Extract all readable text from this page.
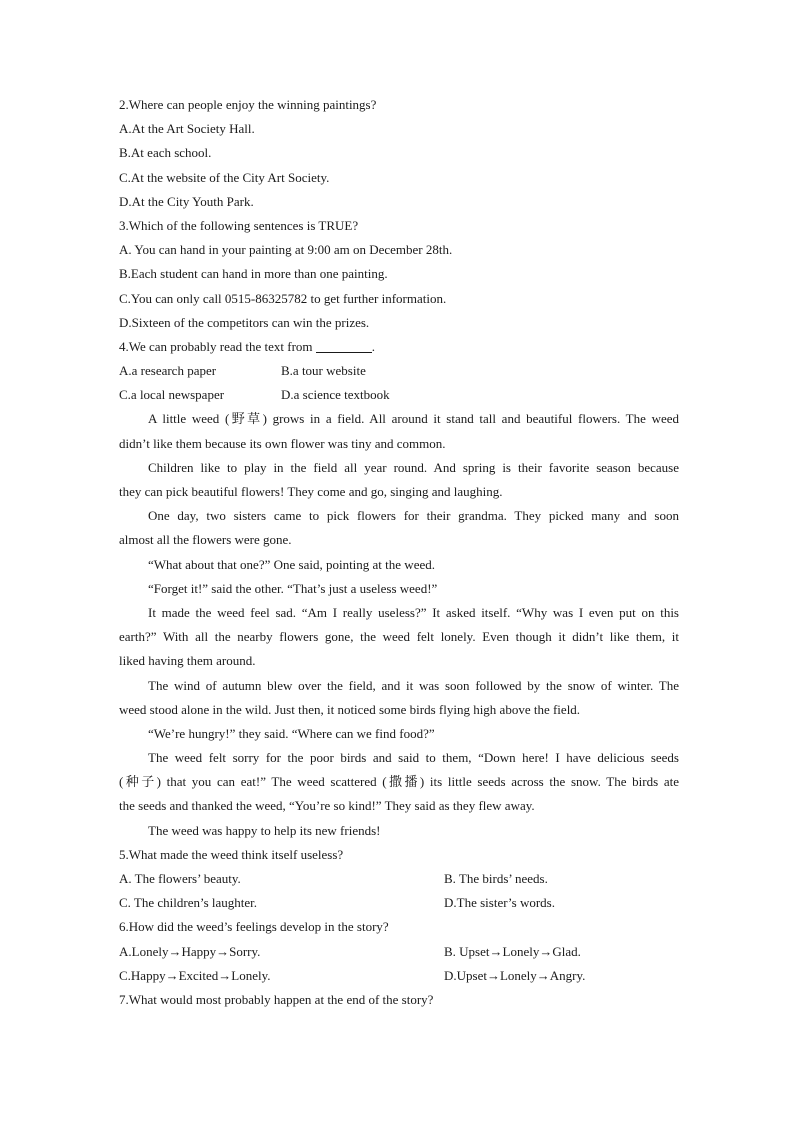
2.Where can people enjoy the winning paintings?
A.At the Art Society Hall.
B.At each school.
C.At the website of the City Art Society.
D.At the City Youth Park.
3.Which of the following sentences is TRUE?
A. You can hand in your painting at 9:00 am on December 28th.
B.Each student can hand in more than one painting.
C.You can only call 0515-86325782 to get further information.
D.Sixteen of the competitors can win the prizes.
4.We can probably read the text from	.
A.a research paper	B.a tour website
C.a local newspaper	D.a science textbook
A little weed (野草) grows in a field. All around it stand tall and beautiful flowers. The weed
didn’t like them because its own flower was tiny and common.
Children like to play in the field all year round. And spring is their favorite season because
they can pick beautiful flowers! They come and go, singing and laughing.
One day, two sisters came to pick flowers for their grandma. They picked many and soon
almost all the flowers were gone.
“What about that one?” One said, pointing at the weed.
“Forget it!” said the other. “That’s just a useless weed!”
It made the weed feel sad. “Am I really useless?” It asked itself. “Why was I even put on this
earth?” With all the nearby flowers gone, the weed felt lonely. Even though it didn’t like them, it
liked having them around.
The wind of autumn blew over the field, and it was soon followed by the snow of winter. The
weed stood alone in the wild. Just then, it noticed some birds flying high above the field.
“We’re hungry!” they said. “Where can we find food?”
The weed felt sorry for the poor birds and said to them, “Down here! I have delicious seeds
(种子) that you can eat!” The weed scattered (撒播) its little seeds across the snow. The birds ate
the seeds and thanked the weed, “You’re so kind!” They said as they flew away.
The weed was happy to help its new friends!
5.What made the weed think itself useless?
A. The flowers’ beauty.	B. The birds’ needs.
C. The children’s laughter.	D.The sister’s words.
6.How did the weed’s feelings develop in the story?
A.Lonely→Happy→Sorry.	B. Upset→Lonely→Glad.
C.Happy→Excited→Lonely.	D.Upset→Lonely→Angry.
7.What would most probably happen at the end of the story?
